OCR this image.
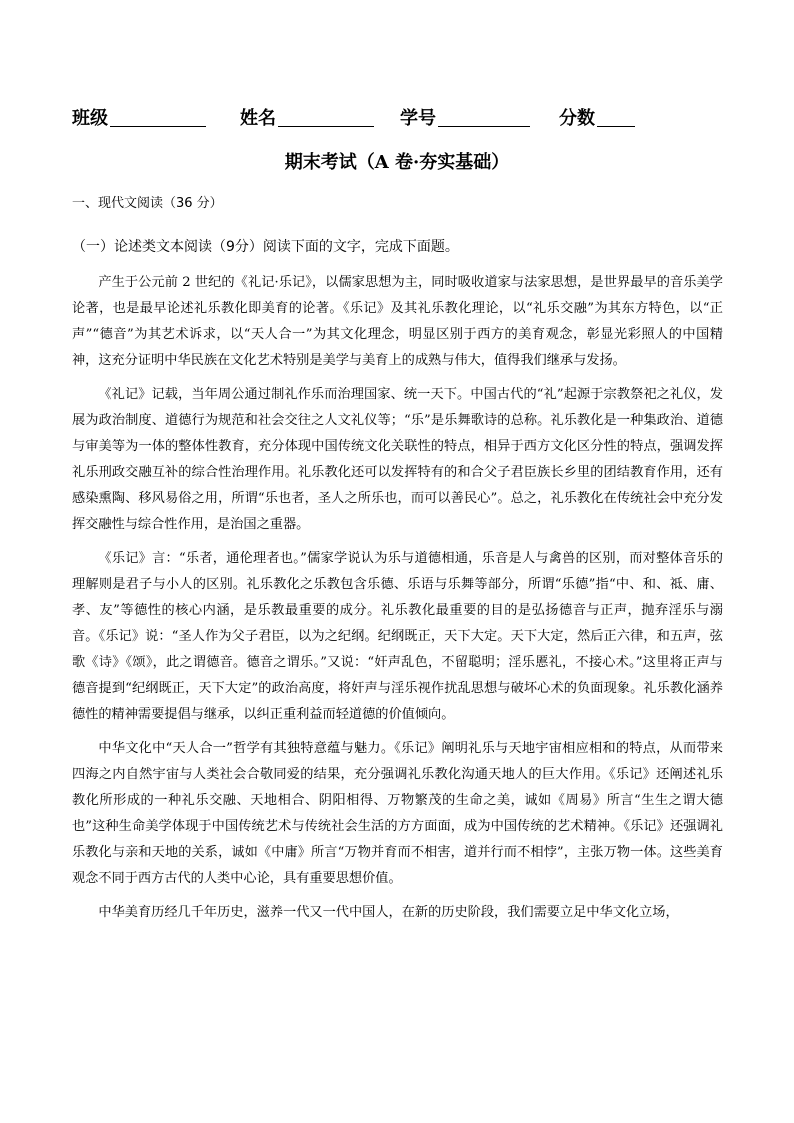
班级	姓名	学号	分数
期末考试（A 卷·夯实基础）
一、现代文阅读（36 分）
（一）论述类文本阅读（9分）阅读下面的文字，完成下面题。

产生于公元前 2 世纪的《礼记·乐记》，以儒家思想为主，同时吸收道家与法家思想，是世界最早的音乐美学论著，也是最早论述礼乐教化即美育的论著。《乐记》及其礼乐教化理论，以“礼乐交融”为其东方特色，以“正声”“德音”为其艺术诉求，以“天人合一”为其文化理念，明显区别于西方的美育观念，彰显光彩照人的中国精神，这充分证明中华民族在文化艺术特别是美学与美育上的成熟与伟大，值得我们继承与发扬。

《礼记》记载，当年周公通过制礼作乐而治理国家、统一天下。中国古代的“礼”起源于宗教祭祀之礼仪，发展为政治制度、道德行为规范和社会交往之人文礼仪等；“乐”是乐舞歌诗的总称。礼乐教化是一种集政治、道德与审美等为一体的整体性教育，充分体现中国传统文化关联性的特点，相异于西方文化区分性的特点，强调发挥礼乐刑政交融互补的综合性治理作用。礼乐教化还可以发挥特有的和合父子君臣族长乡里的团结教育作用，还有感染熏陶、移风易俗之用，所谓“乐也者，圣人之所乐也，而可以善民心”。总之，礼乐教化在传统社会中充分发挥交融性与综合性作用，是治国之重器。

《乐记》言：“乐者，通伦理者也。”儒家学说认为乐与道德相通，乐音是人与禽兽的区别，而对整体音乐的理解则是君子与小人的区别。礼乐教化之乐教包含乐德、乐语与乐舞等部分，所谓“乐德”指“中、和、祗、庸、孝、友”等德性的核心内涵，是乐教最重要的成分。礼乐教化最重要的目的是弘扬德音与正声，抛弃淫乐与溺音。《乐记》说：“圣人作为父子君臣，以为之纪纲。纪纲既正，天下大定。天下大定，然后正六律，和五声，弦歌《诗》《颂》，此之谓德音。德音之谓乐。”又说：“奸声乱色，不留聪明；淫乐慝礼，不接心术。”这里将正声与德音提到“纪纲既正，天下大定”的政治高度，将奸声与淫乐视作扰乱思想与破坏心术的负面现象。礼乐教化涵养德性的精神需要提倡与继承，以纠正重利益而轻道德的价值倾向。

中华文化中“天人合一”哲学有其独特意蕴与魅力。《乐记》阐明礼乐与天地宇宙相应相和的特点，从而带来四海之内自然宇宙与人类社会合敬同爱的结果，充分强调礼乐教化沟通天地人的巨大作用。《乐记》还阐述礼乐教化所形成的一种礼乐交融、天地相合、阴阳相得、万物繁茂的生命之美，诚如《周易》所言“生生之谓大德也”这种生命美学体现于中国传统艺术与传统社会生活的方方面面，成为中国传统的艺术精神。《乐记》还强调礼乐教化与亲和天地的关系，诚如《中庸》所言“万物并育而不相害，道并行而不相悖”，主张万物一体。这些美育观念不同于西方古代的人类中心论，具有重要思想价值。

中华美育历经几千年历史，滋养一代又一代中国人，在新的历史阶段，我们需要立足中华文化立场，
